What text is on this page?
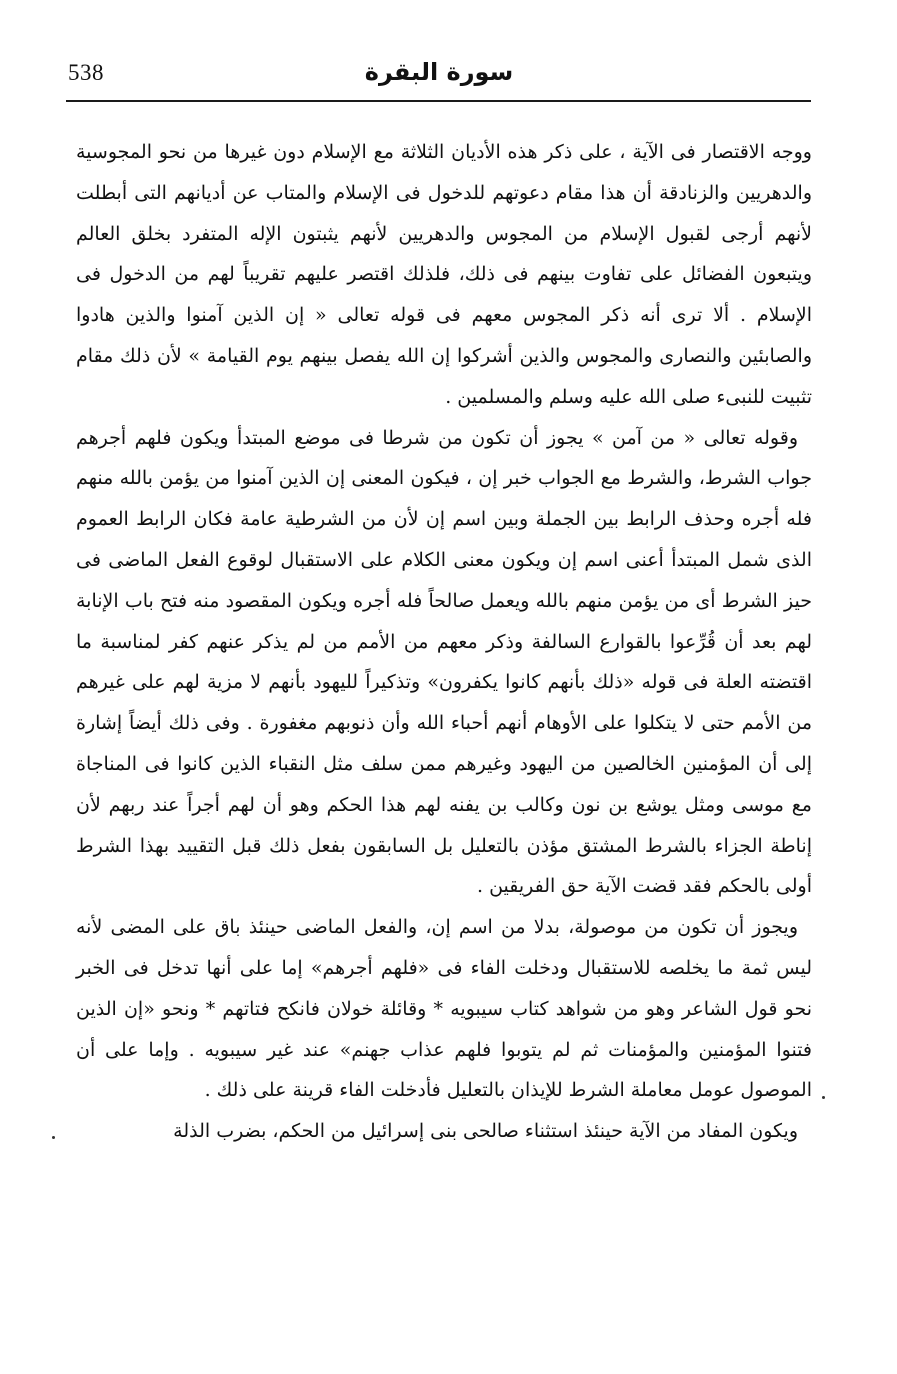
538	سورة البقرة

ووجه الاقتصار فى الآية ، على ذكر هذه الأديان الثلاثة مع الإسلام دون غيرها من نحو المجوسية والدهريين والزنادقة أن هذا مقام دعوتهم للدخول فى الإسلام والمتاب عن أديانهم التى أبطلت لأنهم أرجى لقبول الإسلام من المجوس والدهريين لأنهم يثبتون الإله المتفرد بخلق العالم ويتبعون الفضائل على تفاوت بينهم فى ذلك، فلذلك اقتصر عليهم تقريباً لهم من الدخول فى الإسلام . ألا ترى أنه ذكر المجوس معهم فى قوله تعالى « إن الذين آمنوا والذين هادوا والصابئين والنصارى والمجوس والذين أشركوا إن الله يفصل بينهم يوم القيامة » لأن ذلك مقام تثبيت للنبىء صلى الله عليه وسلم والمسلمين .

وقوله تعالى « من آمن » يجوز أن تكون من شرطا فى موضع المبتدأ ويكون فلهم أجرهم جواب الشرط، والشرط مع الجواب خبر إن ، فيكون المعنى إن الذين آمنوا من يؤمن بالله منهم فله أجره وحذف الرابط بين الجملة وبين اسم إن لأن من الشرطية عامة فكان الرابط العموم الذى شمل المبتدأ أعنى اسم إن ويكون معنى الكلام على الاستقبال لوقوع الفعل الماضى فى حيز الشرط أى من يؤمن منهم بالله ويعمل صالحاً فله أجره ويكون المقصود منه فتح باب الإنابة لهم بعد أن قُرِّعوا بالقوارع السالفة وذكر معهم من الأمم من لم يذكر عنهم كفر لمناسبة ما اقتضته العلة فى قوله «ذلك بأنهم كانوا يكفرون» وتذكيراً لليهود بأنهم لا مزية لهم على غيرهم من الأمم حتى لا يتكلوا على الأوهام أنهم أحباء الله وأن ذنوبهم مغفورة . وفى ذلك أيضاً إشارة إلى أن المؤمنين الخالصين من اليهود وغيرهم ممن سلف مثل النقباء الذين كانوا فى المناجاة مع موسى ومثل يوشع بن نون وكالب بن يفنه لهم هذا الحكم وهو أن لهم أجراً عند ربهم لأن إناطة الجزاء بالشرط المشتق مؤذن بالتعليل بل السابقون بفعل ذلك قبل التقييد بهذا الشرط أولى بالحكم فقد قضت الآية حق الفريقين .

ويجوز أن تكون من موصولة، بدلا من اسم إن، والفعل الماضى حينئذ باق على المضى لأنه ليس ثمة ما يخلصه للاستقبال ودخلت الفاء فى «فلهم أجرهم» إما على أنها تدخل فى الخبر نحو قول الشاعر وهو من شواهد كتاب سيبويه * وقائلة خولان فانكح فتاتهم * ونحو «إن الذين فتنوا المؤمنين والمؤمنات ثم لم يتوبوا فلهم عذاب جهنم» عند غير سيبويه . وإما على أن الموصول عومل معاملة الشرط للإيذان بالتعليل فأدخلت الفاء قرينة على ذلك .

ويكون المفاد من الآية حينئذ استثناء صالحى بنى إسرائيل من الحكم، بضرب الذلة
